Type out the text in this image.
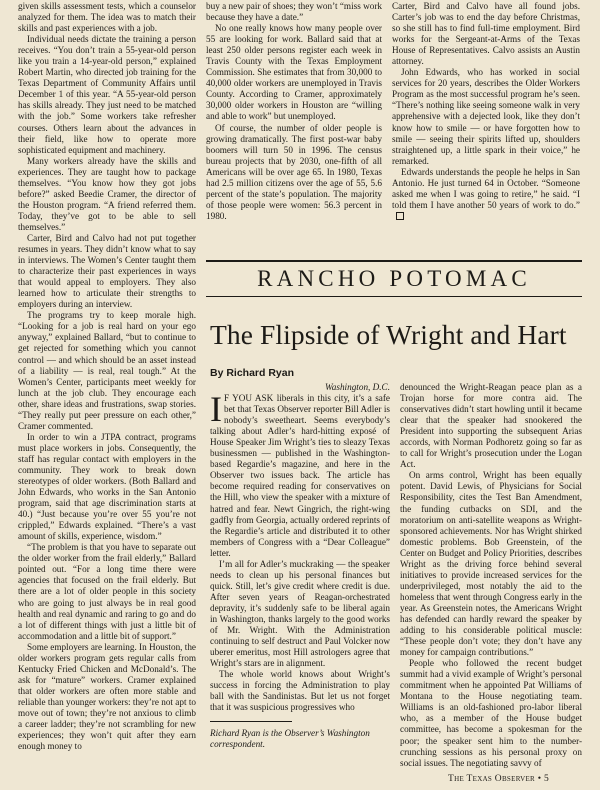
given skills assessment tests, which a counselor analyzed for them. The idea was to match their skills and past experiences with a job.

Individual needs dictate the training a person receives. “You don’t train a 55-year-old person like you train a 14-year-old person,” explained Robert Martin, who directed job training for the Texas Department of Community Affairs until December 1 of this year. “A 55-year-old person has skills already. They just need to be matched with the job.” Some workers take refresher courses. Others learn about the advances in their field, like how to operate more sophisticated equipment and machinery.

Many workers already have the skills and experiences. They are taught how to package themselves. “You know how they got jobs before?” asked Beedie Cramer, the director of the Houston program. “A friend referred them. Today, they’ve got to be able to sell themselves.”

Carter, Bird and Calvo had not put together resumes in years. They didn’t know what to say in interviews. The Women’s Center taught them to characterize their past experiences in ways that would appeal to employers. They also learned how to articulate their strengths to employers during an interview.

The programs try to keep morale high. “Looking for a job is real hard on your ego anyway,” explained Ballard, “but to continue to get rejected for something which you cannot control — and which should be an asset instead of a liability — is real, real tough.” At the Women’s Center, participants meet weekly for lunch at the job club. They encourage each other, share ideas and frustrations, swap stories. “They really put peer pressure on each other,” Cramer commented.

In order to win a JTPA contract, programs must place workers in jobs. Consequently, the staff has regular contact with employers in the community. They work to break down stereotypes of older workers. (Both Ballard and John Edwards, who works in the San Antonio program, said that age discrimination starts at 40.) “Just because you’re over 55 you’re not crippled,” Edwards explained. “There’s a vast amount of skills, experience, wisdom.”

“The problem is that you have to separate out the older worker from the frail elderly,” Ballard pointed out. “For a long time there were agencies that focused on the frail elderly. But there are a lot of older people in this society who are going to just always be in real good health and real dynamic and raring to go and do a lot of different things with just a little bit of accommodation and a little bit of support.”

Some employers are learning. In Houston, the older workers program gets regular calls from Kentucky Fried Chicken and McDonald’s. The ask for “mature” workers. Cramer explained that older workers are often more stable and reliable than younger workers: they’re not apt to move out of town; they’re not anxious to climb a career ladder; they’re not scrambling for new experiences; they won’t quit after they earn enough money to

buy a new pair of shoes; they won’t “miss work because they have a date.”

No one really knows how many people over 55 are looking for work. Ballard said that at least 250 older persons register each week in Travis County with the Texas Employment Commission. She estimates that from 30,000 to 40,000 older workers are unemployed in Travis County. According to Cramer, approximately 30,000 older workers in Houston are “willing and able to work” but unemployed.

Of course, the number of older people is growing dramatically. The first post-war baby boomers will turn 50 in 1996. The census bureau projects that by 2030, one-fifth of all Americans will be over age 65. In 1980, Texas had 2.5 million citizens over the age of 55, 5.6 percent of the state’s population. The majority of those people were women: 56.3 percent in 1980.

Carter, Bird and Calvo have all found jobs. Carter’s job was to end the day before Christmas, so she still has to find full-time employment. Bird works for the Sergeant-at-Arms of the Texas House of Representatives. Calvo assists an Austin attorney.

John Edwards, who has worked in social services for 20 years, describes the Older Workers Program as the most successful program he’s seen. “There’s nothing like seeing someone walk in very apprehensive with a dejected look, like they don’t know how to smile — or have forgotten how to smile — seeing their spirits lifted up, shoulders straightened up, a little spark in their voice,” he remarked.

Edwards understands the people he helps in San Antonio. He just turned 64 in October. “Someone asked me when I was going to retire,” he said. “I told them I have another 50 years of work to do.”

RANCHO POTOMAC
The Flipside of Wright and Hart
By Richard Ryan

Washington, D.C.

I F YOU ASK liberals in this city, it’s a safe bet that Texas Observer reporter Bill Adler is nobody’s sweetheart. Seems everybody’s talking about Adler’s hard-hitting exposé of House Speaker Jim Wright’s ties to sleazy Texas businessmen — published in the Washington-based Regardie’s magazine, and here in the Observer two issues back. The article has become required reading for conservatives on the Hill, who view the speaker with a mixture of hatred and fear. Newt Gingrich, the right-wing gadfly from Georgia, actually ordered reprints of the Regardie’s article and distributed it to other members of Congress with a “Dear Colleague” letter.

I’m all for Adler’s muckraking — the speaker needs to clean up his personal finances but quick. Still, let’s give credit where credit is due. After seven years of Reagan-orchestrated depravity, it’s suddenly safe to be liberal again in Washington, thanks largely to the good works of Mr. Wright. With the Administration continuing to self destruct and Paul Volcker now uberer emeritus, most Hill astrologers agree that Wright’s stars are in alignment.

The whole world knows about Wright’s success in forcing the Administration to play ball with the Sandinistas. But let us not forget that it was suspicious progressives who

Richard Ryan is the Observer’s Washington correspondent.

denounced the Wright-Reagan peace plan as a Trojan horse for more contra aid. The conservatives didn’t start howling until it became clear that the speaker had snookered the President into supporting the subsequent Arias accords, with Norman Podhoretz going so far as to call for Wright’s prosecution under the Logan Act.

On arms control, Wright has been equally potent. David Lewis, of Physicians for Social Responsibility, cites the Test Ban Amendment, the funding cutbacks on SDI, and the moratorium on anti-satellite weapons as Wright-sponsored achievements. Nor has Wright shirked domestic problems. Bob Greenstein, of the Center on Budget and Policy Priorities, describes Wright as the driving force behind several initiatives to provide increased services for the underprivileged, most notably the aid to the homeless that went through Congress early in the year. As Greenstein notes, the Americans Wright has defended can hardly reward the speaker by adding to his considerable political muscle: “These people don’t vote; they don’t have any money for campaign contributions.”

People who followed the recent budget summit had a vivid example of Wright’s personal commitment when he appointed Pat Williams of Montana to the House negotiating team. Williams is an old-fashioned pro-labor liberal who, as a member of the House budget committee, has become a spokesman for the poor; the speaker sent him to the number-crunching sessions as his personal proxy on social issues. The negotiating savvy of

The Texas Observer • 5
